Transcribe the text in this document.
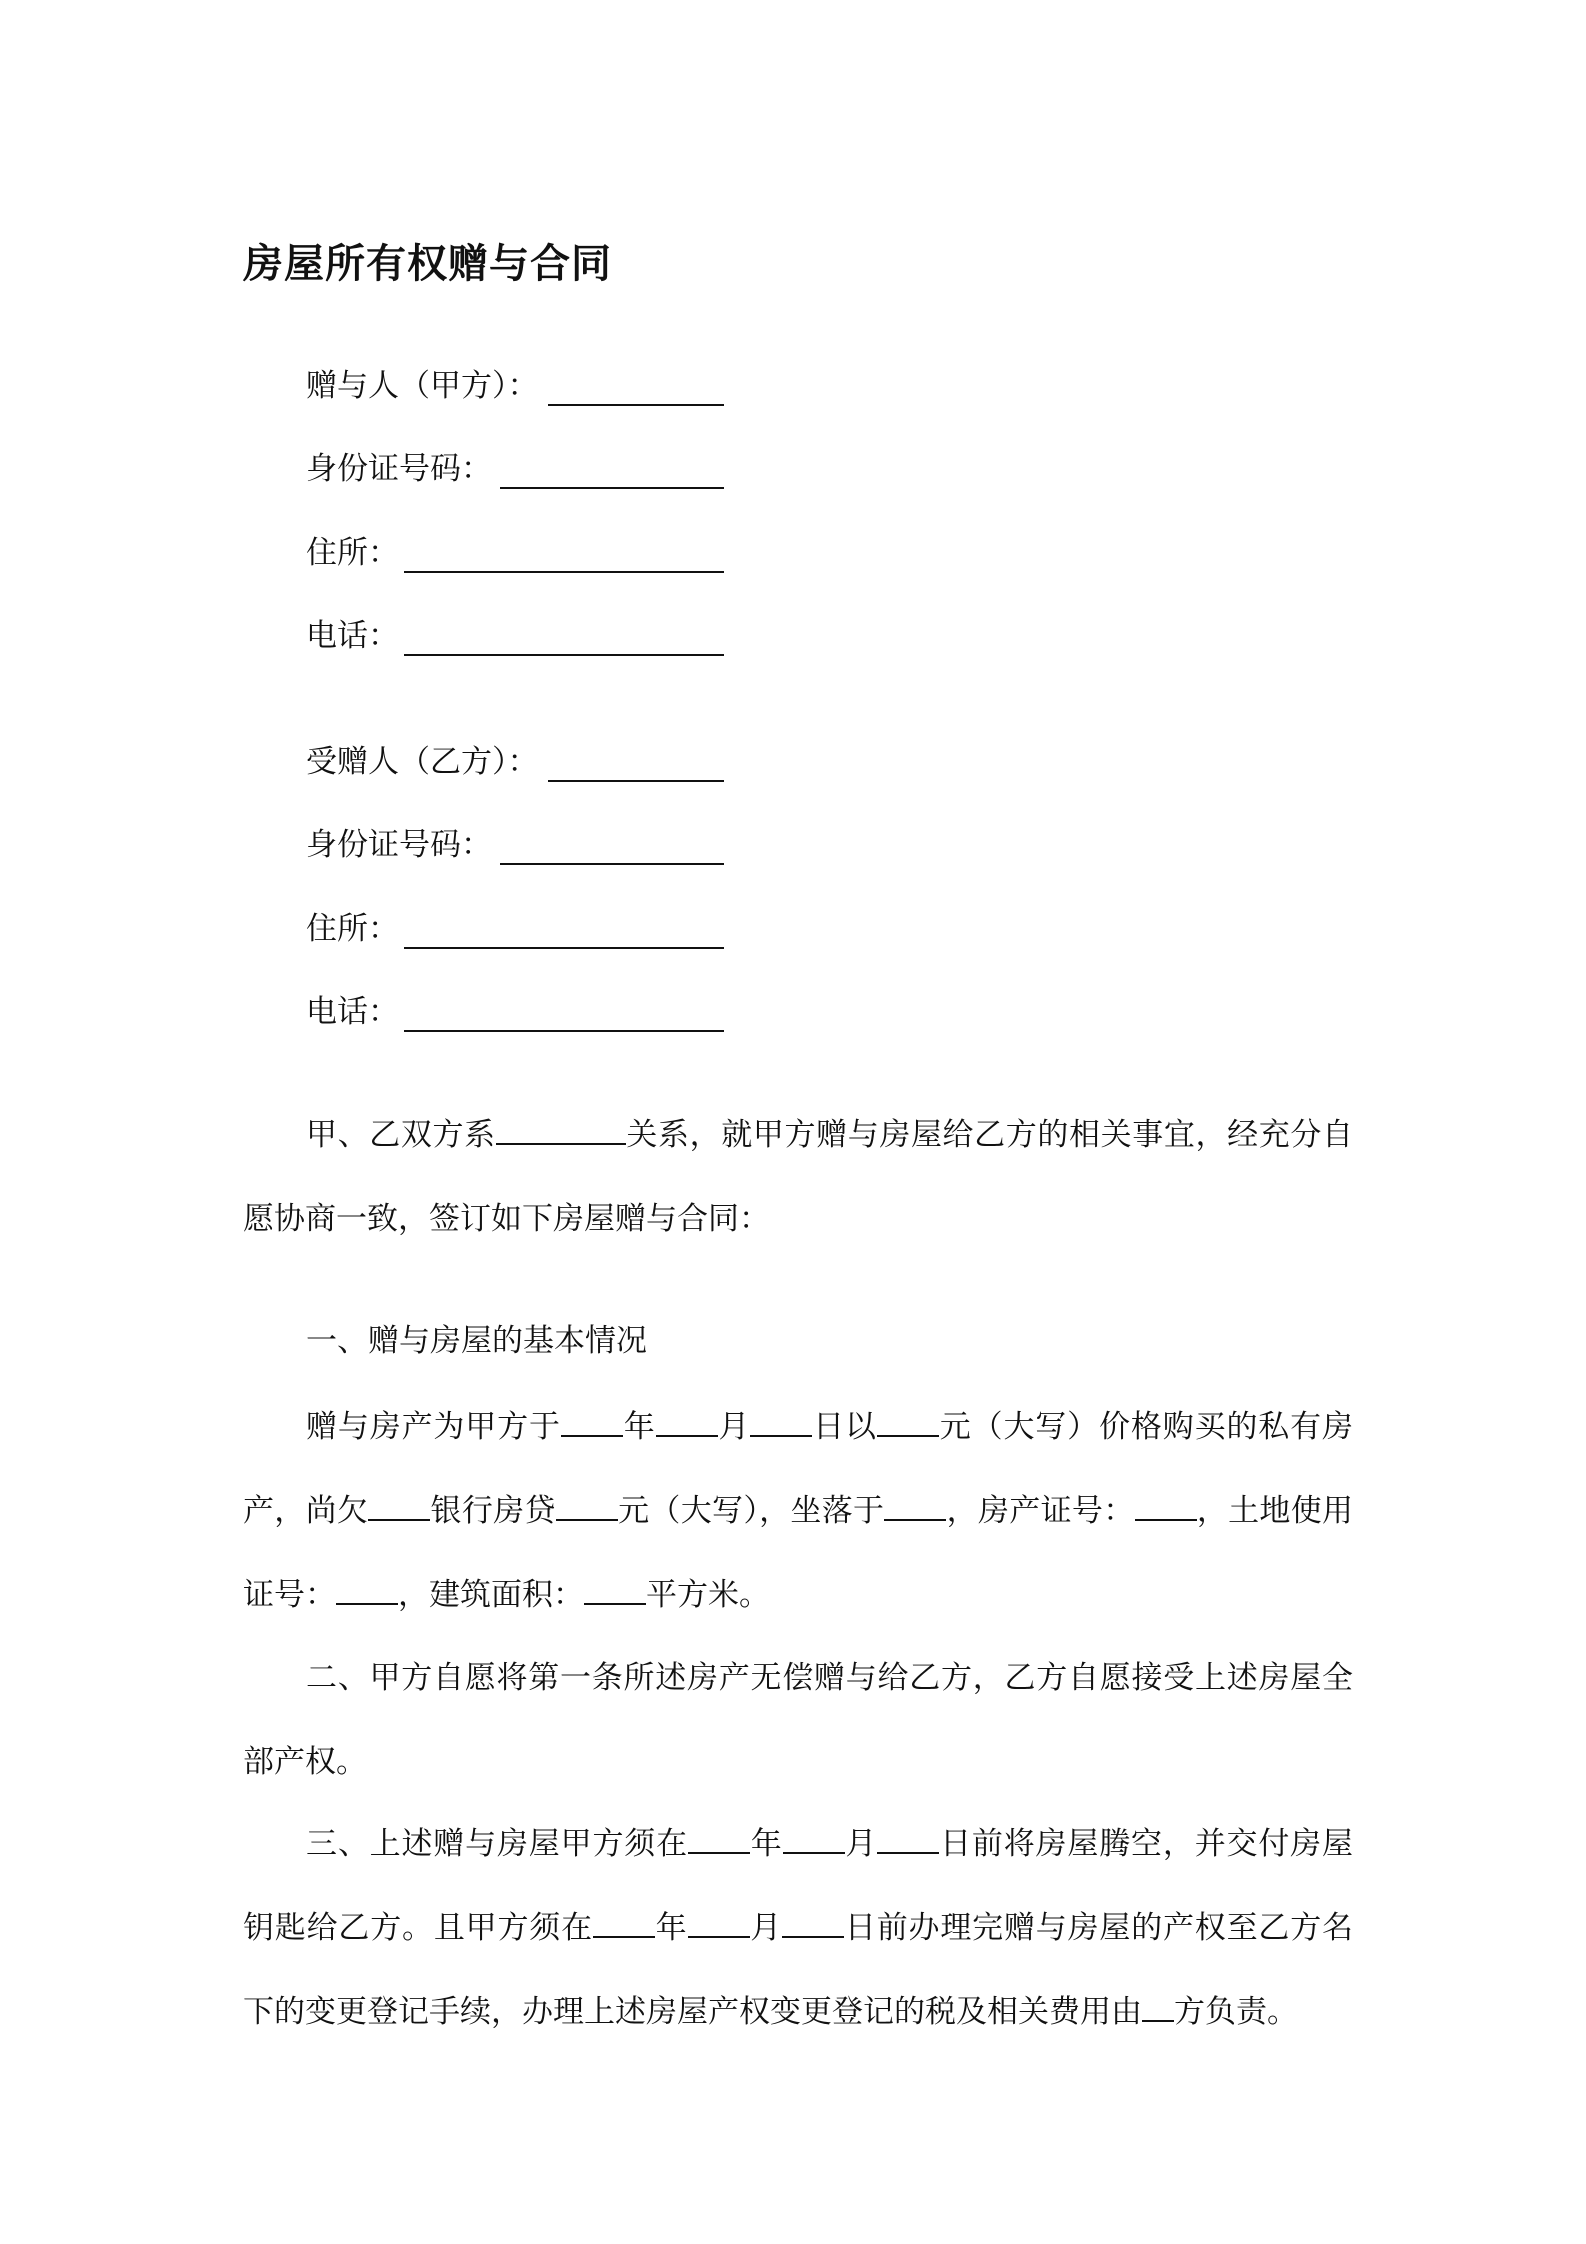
房屋所有权赠与合同
赠与人（甲方）：
身份证号码：
住所：
电话：
受赠人（乙方）：
身份证号码：
住所：
电话：

甲、乙双方系	关系，就甲方赠与房屋给乙方的相关事宜，经充分自愿协商一致，签订如下房屋赠与合同：

一、赠与房屋的基本情况

赠与房产为甲方于 年 月 日以 元（大写）价格购买的私有房产，尚欠 银行房贷 元（大写），坐落于 ，房产证号： ，土地使用证号： ，建筑面积： 平方米。

二、甲方自愿将第一条所述房产无偿赠与给乙方，乙方自愿接受上述房屋全部产权。

三、上述赠与房屋甲方须在 年 月 日前将房屋腾空，并交付房屋钥匙给乙方。且甲方须在 年 月 日前办理完赠与房屋的产权至乙方名下的变更登记手续，办理上述房屋产权变更登记的税及相关费用由 方负责。
